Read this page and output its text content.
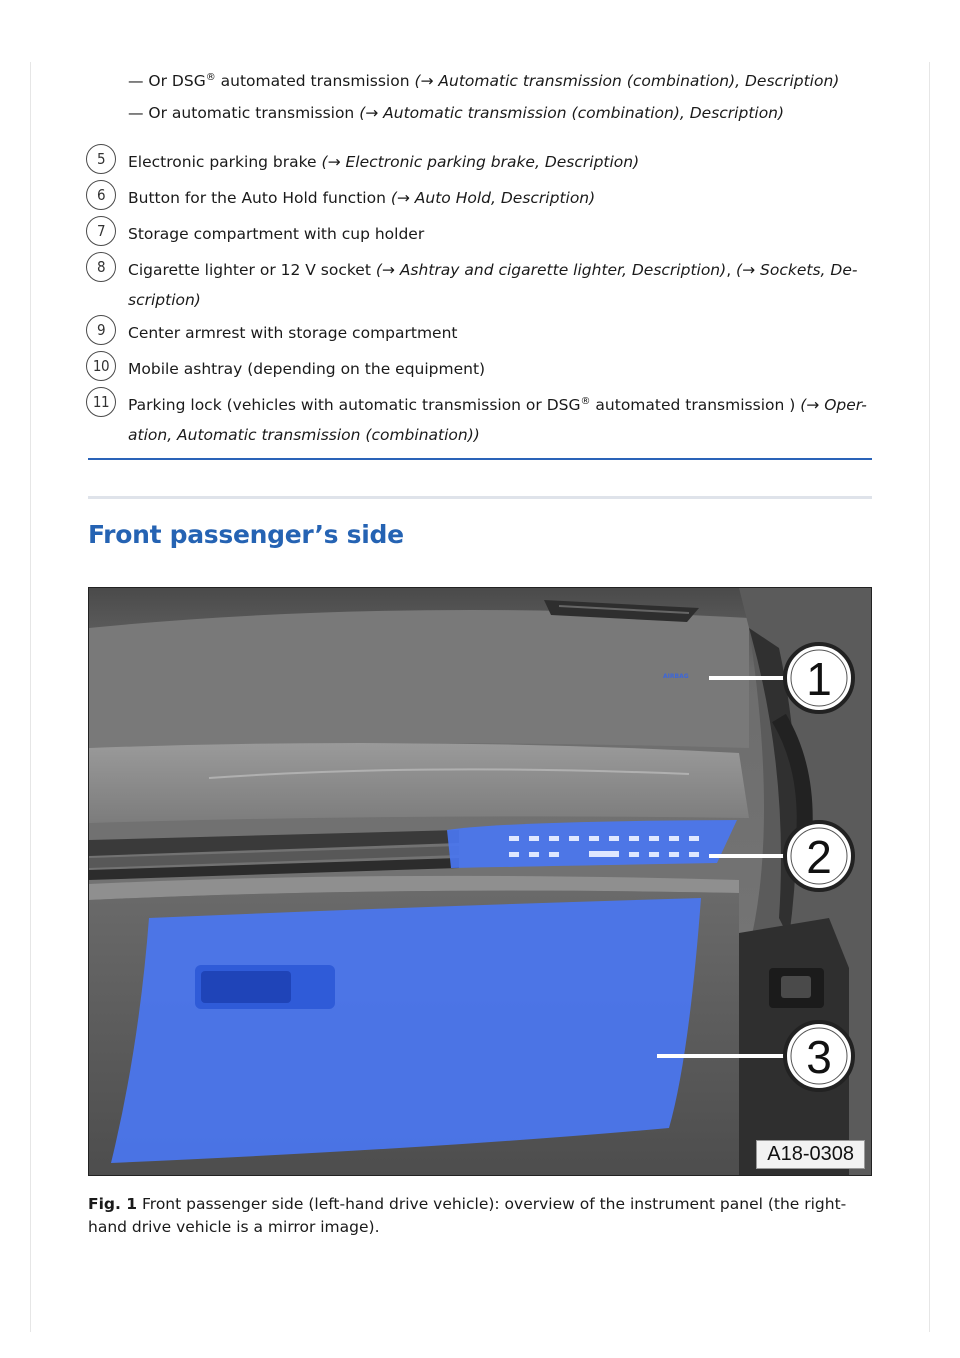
— Or DSG® automated transmission (→ Automatic transmission (combination), Description)
— Or automatic transmission (→ Automatic transmission (combination), Description)
5	Electronic parking brake (→ Electronic parking brake, Description)
6	Button for the Auto Hold function (→ Auto Hold, Description)
7	Storage compartment with cup holder
8	Cigarette lighter or 12 V socket (→ Ashtray and cigarette lighter, Description), (→ Sockets, De-
scription)
9	Center armrest with storage compartment
10	Mobile ashtray (depending on the equipment)
11	Parking lock (vehicles with automatic transmission or DSG® automated transmission ) (→ Oper-
ation, Automatic transmission (combination))
Front passenger’s side
AIRBAG	1
2
3
A18-0308
Fig. 1 Front passenger side (left-hand drive vehicle): overview of the instrument panel (the right-hand drive vehicle is a mirror image).
